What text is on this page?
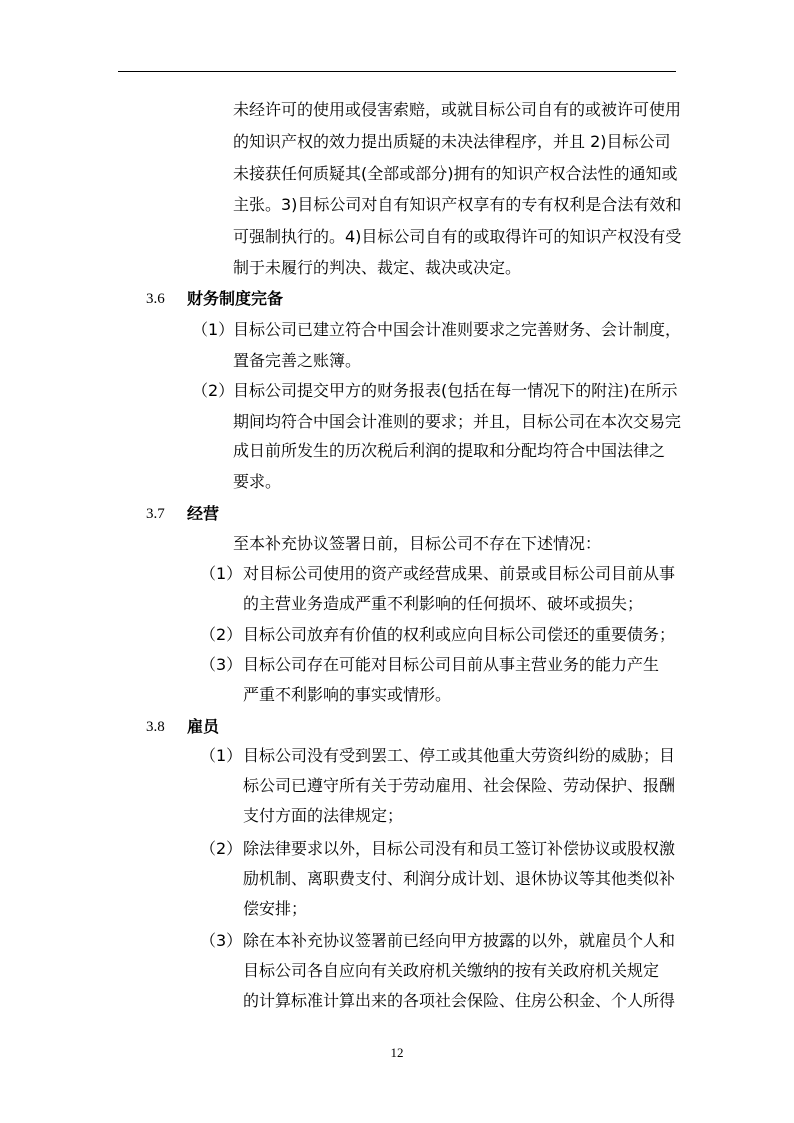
未经许可的使用或侵害索赔，或就目标公司自有的或被许可使用
的知识产权的效力提出质疑的未决法律程序，并且 2)目标公司
未接获任何质疑其(全部或部分)拥有的知识产权合法性的通知或
主张。3)目标公司对自有知识产权享有的专有权利是合法有效和
可强制执行的。4)目标公司自有的或取得许可的知识产权没有受
制于未履行的判决、裁定、裁决或决定。
3.6 财务制度完备
（1）
目标公司已建立符合中国会计准则要求之完善财务、会计制度，
置备完善之账簿。
（2）
目标公司提交甲方的财务报表(包括在每一情况下的附注)在所示
期间均符合中国会计准则的要求；并且，目标公司在本次交易完
成日前所发生的历次税后利润的提取和分配均符合中国法律之
要求。
3.7 经营
至本补充协议签署日前，目标公司不存在下述情况：
（1） 对目标公司使用的资产或经营成果、前景或目标公司目前从事
的主营业务造成严重不利影响的任何损坏、破坏或损失；
（2） 目标公司放弃有价值的权利或应向目标公司偿还的重要债务；
（3） 目标公司存在可能对目标公司目前从事主营业务的能力产生
严重不利影响的事实或情形。
3.8 雇员
（1） 目标公司没有受到罢工、停工或其他重大劳资纠纷的威胁；目
标公司已遵守所有关于劳动雇用、社会保险、劳动保护、报酬
支付方面的法律规定；
（2） 除法律要求以外，目标公司没有和员工签订补偿协议或股权激
励机制、离职费支付、利润分成计划、退休协议等其他类似补
偿安排；
（3） 除在本补充协议签署前已经向甲方披露的以外，就雇员个人和
目标公司各自应向有关政府机关缴纳的按有关政府机关规定
的计算标准计算出来的各项社会保险、住房公积金、个人所得
12
